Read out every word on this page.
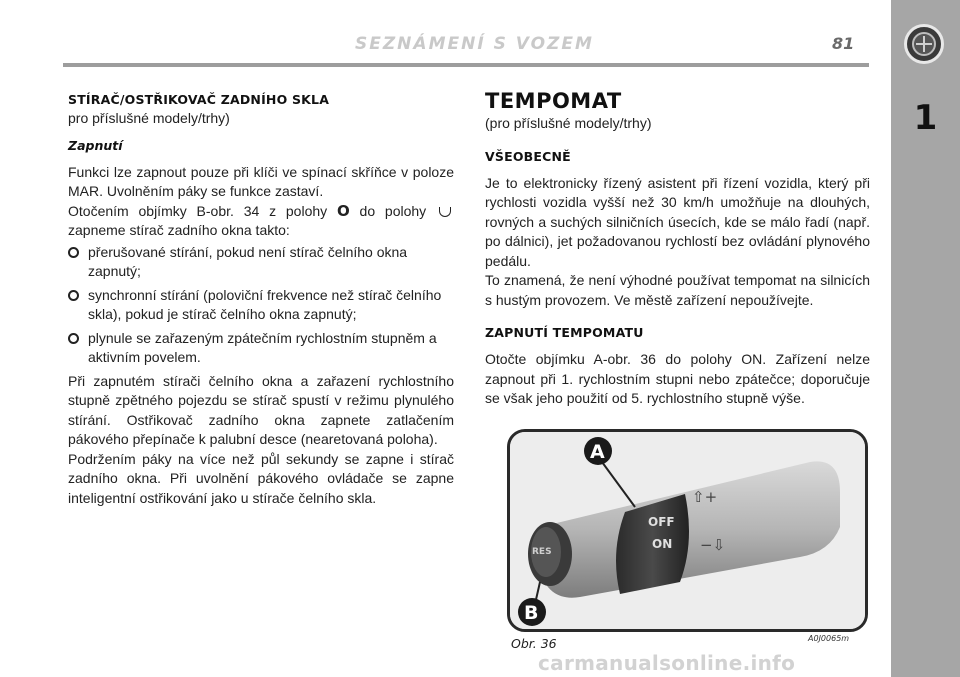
SEZNÁMENÍ S VOZEM	81
1
STÍRAČ/OSTŘIKOVAČ ZADNÍHO SKLA
pro příslušné modely/trhy)
Zapnutí

Funkci lze zapnout pouze při klíči ve spínací skříňce v poloze MAR. Uvolněním páky se funkce zastaví.

Otočením objímky B-obr. 34 z polohy O do polohy  zapneme stírač zadního okna takto:

přerušované stírání, pokud není stírač čelního okna zapnutý;
synchronní stírání (poloviční frekvence než stírač čelního skla), pokud je stírač čelního okna zapnutý;
plynule se zařazeným zpátečním rychlostním stupněm a aktivním povelem.

Při zapnutém stírači čelního okna a zařazení rychlostního stupně zpětného pojezdu se stírač spustí v režimu plynulého stírání. Ostřikovač zadního okna zapnete zatlačením pákového přepínače k palubní desce (nearetovaná poloha).

Podržením páky na více než půl sekundy se zapne i stírač zadního okna. Při uvolnění pákového ovládače se zapne inteligentní ostřikování jako u stírače čelního skla.

TEMPOMAT
(pro příslušné modely/trhy)
VŠEOBECNĚ

Je to elektronicky řízený asistent při řízení vozidla, který při rychlosti vozidla vyšší než 30 km/h umožňuje na dlouhých, rovných a suchých silničních úsecích, kde se málo řadí (např. po dálnici), jet požadovanou rychlostí bez ovládání plynového pedálu.

To znamená, že není výhodné používat tempomat na silnicích s hustým provozem. Ve městě zařízení nepoužívejte.

ZAPNUTÍ TEMPOMATU

Otočte objímku A-obr. 36 do polohy ON. Zařízení nelze zapnout při 1. rychlostním stupni nebo zpátečce; doporučuje se však jeho použití od 5. rychlostního stupně výše.

RES
OFF
ON
⇧+
−⇩
A
B
Obr. 36	A0J0065m
carmanualsonline.info
